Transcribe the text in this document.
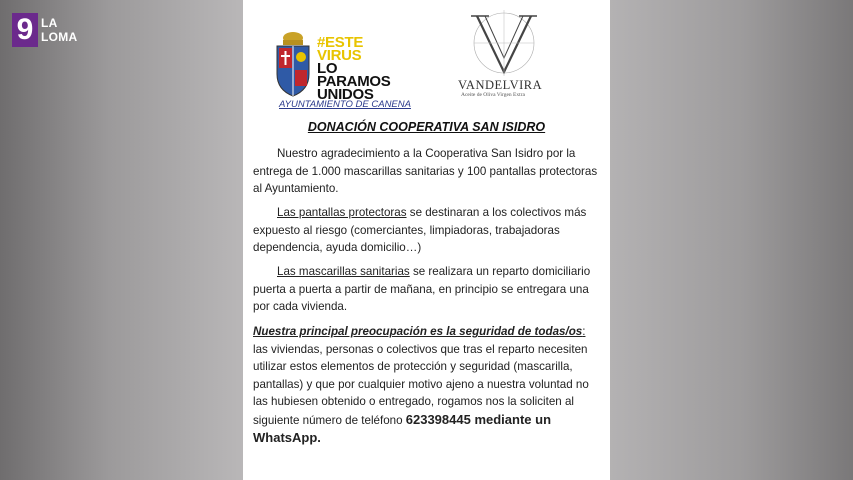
9 LA
LOMA	#ESTE
VIRUS
LO
PARAMOS
UNIDOS
AYUNTAMIENTO DE CANENA
VANDELVIRA
Aceite de Oliva Virgen Extra
DONACIÓN COOPERATIVA SAN ISIDRO
Nuestro agradecimiento a la Cooperativa San Isidro por la entrega de 1.000 mascarillas sanitarias y 100 pantallas protectoras al Ayuntamiento.
Las pantallas protectoras se destinaran a los colectivos más expuesto al riesgo (comerciantes, limpiadoras, trabajadoras dependencia, ayuda domicilio…)
Las mascarillas sanitarias se realizara un reparto domiciliario puerta a puerta a partir de mañana, en principio se entregara una por cada vivienda.
Nuestra principal preocupación es la seguridad de todas/os: las viviendas, personas o colectivos que tras el reparto necesiten utilizar estos elementos de protección y seguridad (mascarilla, pantallas) y que por cualquier motivo ajeno a nuestra voluntad no las hubiesen obtenido o entregado, rogamos nos la soliciten al siguiente número de teléfono 623398445 mediante un WhatsApp.
